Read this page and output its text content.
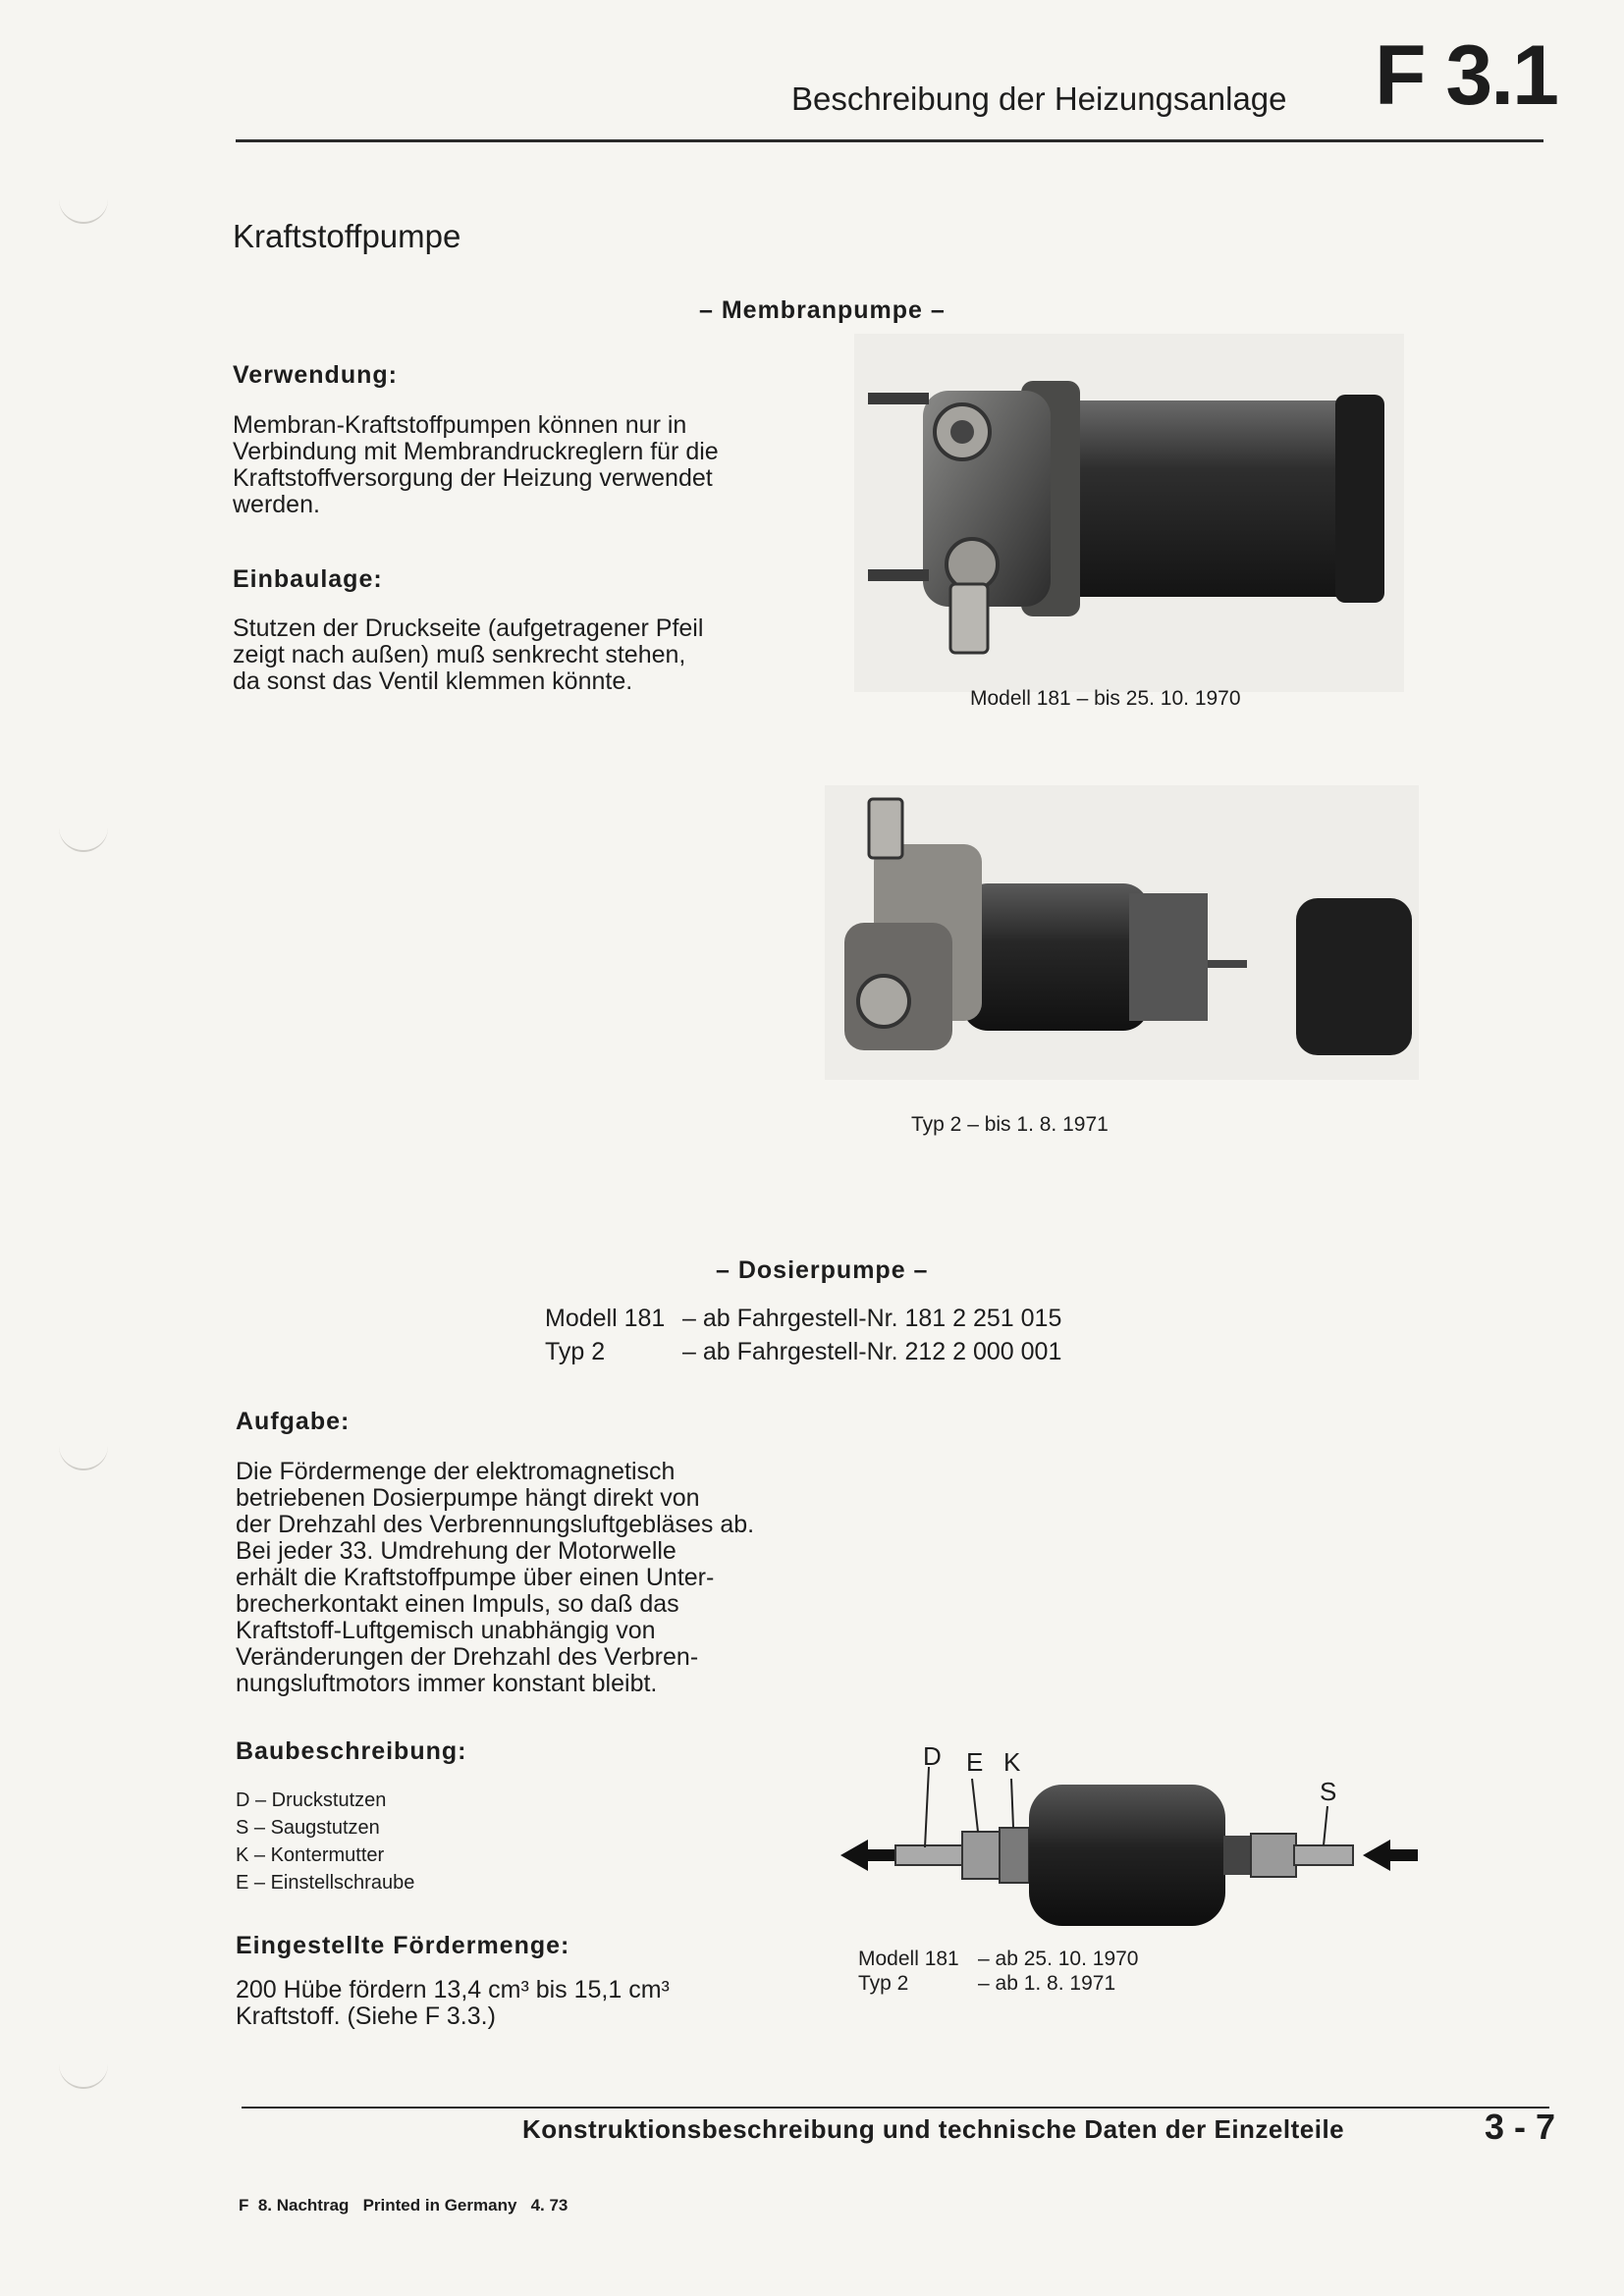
Beschreibung der Heizungsanlage F 3.1
Kraftstoffpumpe
– Membranpumpe –
Verwendung:
Membran-Kraftstoffpumpen können nur in
Verbindung mit Membrandruckreglern für die
Kraftstoffversorgung der Heizung verwendet
werden.
Einbaulage:
Stutzen der Druckseite (aufgetragener Pfeil
zeigt nach außen) muß senkrecht stehen,
da sonst das Ventil klemmen könnte.
Modell 181 – bis 25. 10. 1970
Typ 2 – bis 1. 8. 1971
– Dosierpumpe –
Modell 181 – ab Fahrgestell-Nr. 181 2 251 015
Typ 2	– ab Fahrgestell-Nr. 212 2 000 001
Aufgabe:
Die Fördermenge der elektromagnetisch
betriebenen Dosierpumpe hängt direkt von
der Drehzahl des Verbrennungsluftgebläses ab.
Bei jeder 33. Umdrehung der Motorwelle
erhält die Kraftstoffpumpe über einen Unter-
brecherkontakt einen Impuls, so daß das
Kraftstoff-Luftgemisch unabhängig von
Veränderungen der Drehzahl des Verbren-
nungsluftmotors immer konstant bleibt.
Baubeschreibung:
D – Druckstutzen
S – Saugstutzen
K – Kontermutter
E – Einstellschraube
Eingestellte Fördermenge:
200 Hübe fördern 13,4 cm³ bis 15,1 cm³
Kraftstoff. (Siehe F 3.3.)
D E K
S
Modell 181 – ab 25. 10. 1970
Typ 2	– ab 1. 8. 1971
Konstruktionsbeschreibung und technische Daten der Einzelteile	3 - 7
F  8. Nachtrag   Printed in Germany   4. 73
